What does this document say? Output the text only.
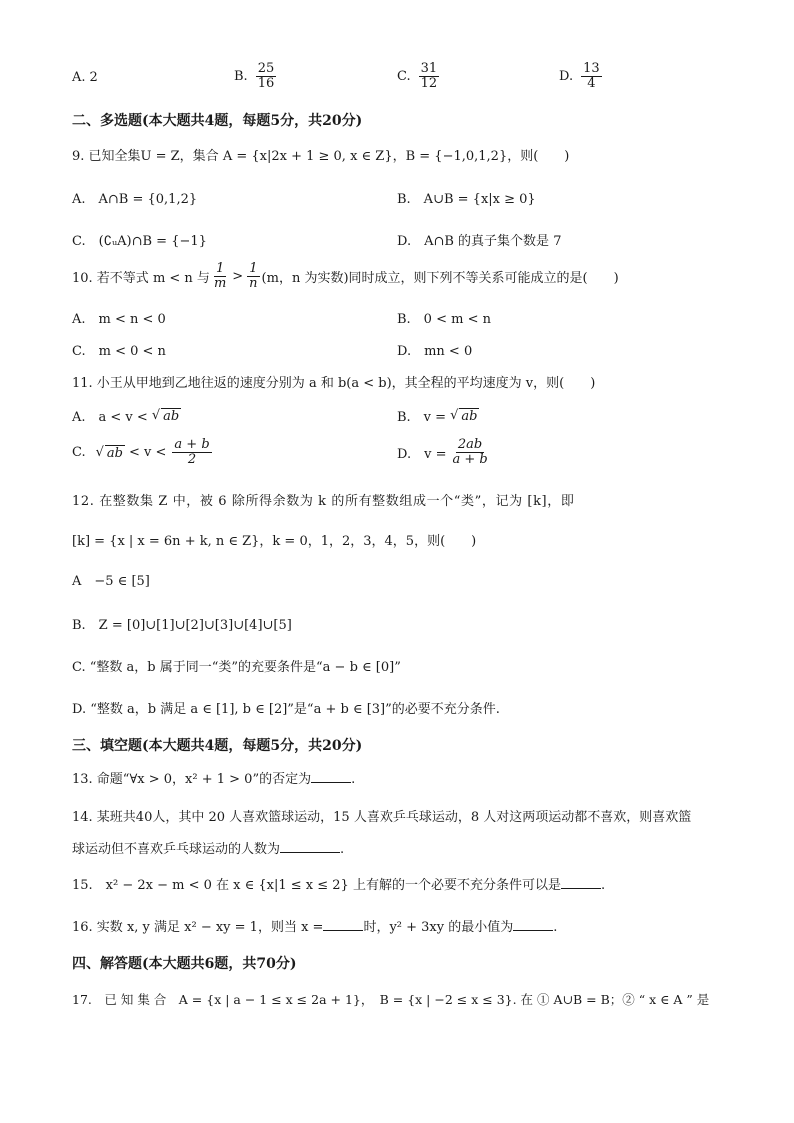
A. 2	B. $\frac{25}{16}$	C. $\frac{31}{12}$	D. $\frac{13}{4}$
二、多选题(本大题共4题，每题5分，共20分)
9. 已知全集U = Z，集合 A = {x|2x + 1 ≥ 0, x ∈ Z}，B = {−1,0,1,2}，则(　　)
A.　A∩B = {0,1,2}	B.　A∪B = {x|x ≥ 0}
C.　(∁ᵤA)∩B = {−1}	D.　A∩B 的真子集个数是 7
10. 若不等式 m < n 与 $\frac{1}{m} > \frac{1}{n} (m$，n 为实数)同时成立，则下列不等关系可能成立的是(　　)
A.　m < n < 0	B.　0 < m < n
C.　m < 0 < n	D.　mn < 0
11. 小王从甲地到乙地往返的速度分别为 a 和 b(a < b)，其全程的平均速度为 v，则(　　)
A.　a < v < √ ab	B.　v = √ ab
C. √ ab < $v < \frac{a + b}{2}$	D.　$v = \frac{2ab}{a + b}$
12. 在整数集 Z 中，被 6 除所得余数为 k 的所有整数组成一个“类”，记为 [k]，即
[k] = {x | x = 6n + k, n ∈ Z}，k = 0，1，2，3，4，5，则(　　)
A　−5 ∈ [5]
B.　Z = [0]∪[1]∪[2]∪[3]∪[4]∪[5]
C. “整数 a，b 属于同一“类”的充要条件是“a − b ∈ [0]”
D. “整数 a，b 满足 a ∈ [1], b ∈ [2]”是“a + b ∈ [3]”的必要不充分条件.
三、填空题(本大题共4题，每题5分，共20分)
13. 命题“∀x > 0，x² + 1 > 0”的否定为	.
14. 某班共40人，其中 20 人喜欢篮球运动，15 人喜欢乒乓球运动，8 人对这两项运动都不喜欢，则喜欢篮
球运动但不喜欢乒乓球运动的人数为	.
15.　x² − 2x − m < 0 在 x ∈ {x|1 ≤ x ≤ 2} 上有解的一个必要不充分条件可以是	.
16. 实数 x, y 满足 x² − xy = 1，则当 x =	时，y² + 3xy 的最小值为	.
四、解答题(本大题共6题，共70分)
17.　已 知 集 合　A = {x | a − 1 ≤ x ≤ 2a + 1}，　B = {x | −2 ≤ x ≤ 3}. 在 ① A∪B = B；② “ x ∈ A ” 是
